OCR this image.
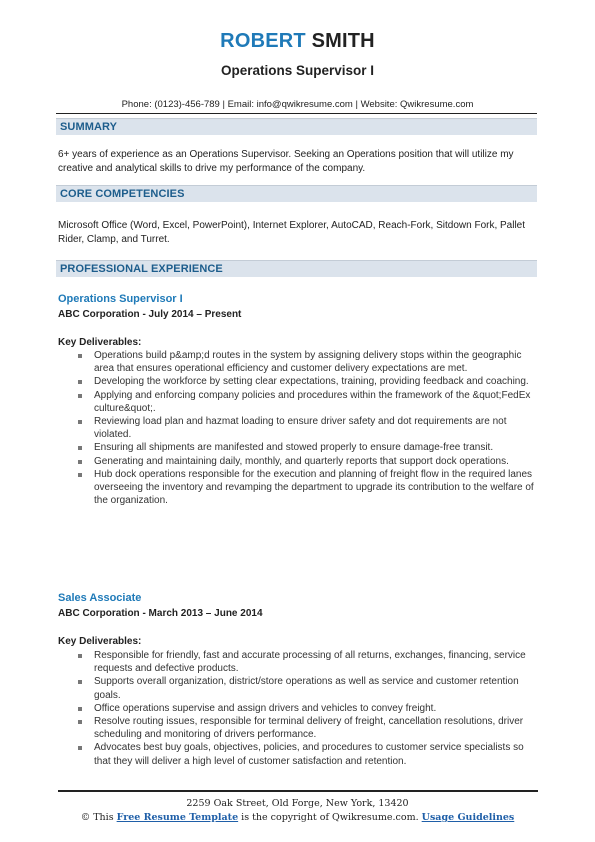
ROBERT SMITH
Operations Supervisor I
Phone: (0123)-456-789 | Email: info@qwikresume.com | Website: Qwikresume.com
SUMMARY
6+ years of experience as an Operations Supervisor. Seeking an Operations position that will utilize my creative and analytical skills to drive my performance of the company.
CORE COMPETENCIES
Microsoft Office (Word, Excel, PowerPoint), Internet Explorer, AutoCAD, Reach-Fork, Sitdown Fork, Pallet Rider, Clamp, and Turret.
PROFESSIONAL EXPERIENCE
Operations Supervisor I
ABC Corporation - July 2014 – Present
Key Deliverables:
Operations build p&amp;d routes in the system by assigning delivery stops within the geographic area that ensures operational efficiency and customer delivery expectations are met.
Developing the workforce by setting clear expectations, training, providing feedback and coaching.
Applying and enforcing company policies and procedures within the framework of the &quot;FedEx culture&quot;.
Reviewing load plan and hazmat loading to ensure driver safety and dot requirements are not violated.
Ensuring all shipments are manifested and stowed properly to ensure damage-free transit.
Generating and maintaining daily, monthly, and quarterly reports that support dock operations.
Hub dock operations responsible for the execution and planning of freight flow in the required lanes overseeing the inventory and revamping the department to upgrade its contribution to the welfare of the organization.
Sales Associate
ABC Corporation - March 2013 – June 2014
Key Deliverables:
Responsible for friendly, fast and accurate processing of all returns, exchanges, financing, service requests and defective products.
Supports overall organization, district/store operations as well as service and customer retention goals.
Office operations supervise and assign drivers and vehicles to convey freight.
Resolve routing issues, responsible for terminal delivery of freight, cancellation resolutions, driver scheduling and monitoring of drivers performance.
Advocates best buy goals, objectives, policies, and procedures to customer service specialists so that they will deliver a high level of customer satisfaction and retention.
2259 Oak Street, Old Forge, New York, 13420
© This Free Resume Template is the copyright of Qwikresume.com. Usage Guidelines
